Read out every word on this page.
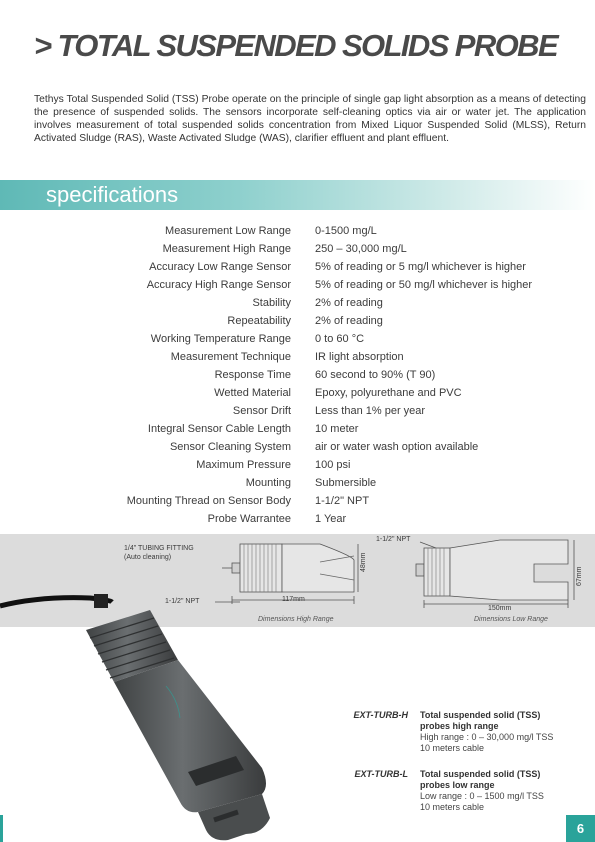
> TOTAL SUSPENDED SOLIDS PROBE

Tethys Total Suspended Solid (TSS) Probe operate on the principle of single gap light absorption as a means of detecting the presence of suspended solids. The sensors incorporate self-cleaning optics via air or water jet. The application involves measurement of total suspended solids concentration from Mixed Liquor Suspended Solid (MLSS), Return Activated Sludge (RAS), Waste Activated Sludge (WAS), clarifier effluent and plant effluent.

specifications
Measurement Low Range 0-1500 mg/L
Measurement High Range 250 – 30,000 mg/L
Accuracy Low Range Sensor 5% of reading or 5 mg/l whichever is higher
Accuracy High Range Sensor 5% of reading or 50 mg/l whichever is higher
Stability 2% of reading
Repeatability 2% of reading
Working Temperature Range 0 to 60 °C
Measurement Technique IR light absorption
Response Time 60 second to 90% (T 90)
Wetted Material Epoxy, polyurethane and PVC
Sensor Drift Less than 1% per year
Integral Sensor Cable Length 10 meter
Sensor Cleaning System air or water wash option available
Maximum Pressure 100 psi
Mounting Submersible
Mounting Thread on Sensor Body 1-1/2" NPT
Probe Warrantee 1 Year
1/4" TUBING FITTING
(Auto cleaning)
1-1/2" NPT	117mm
48mm
Dimensions High Range
1-1/2" NPT
150mm
67mm
Dimensions Low Range
EXT-TURB-H Total suspended solid (TSS)
probes high range
High range : 0 – 30,000 mg/l TSS
10 meters cable
EXT-TURB-L Total suspended solid (TSS)
probes low range
Low range : 0 – 1500 mg/l TSS
10 meters cable
6
